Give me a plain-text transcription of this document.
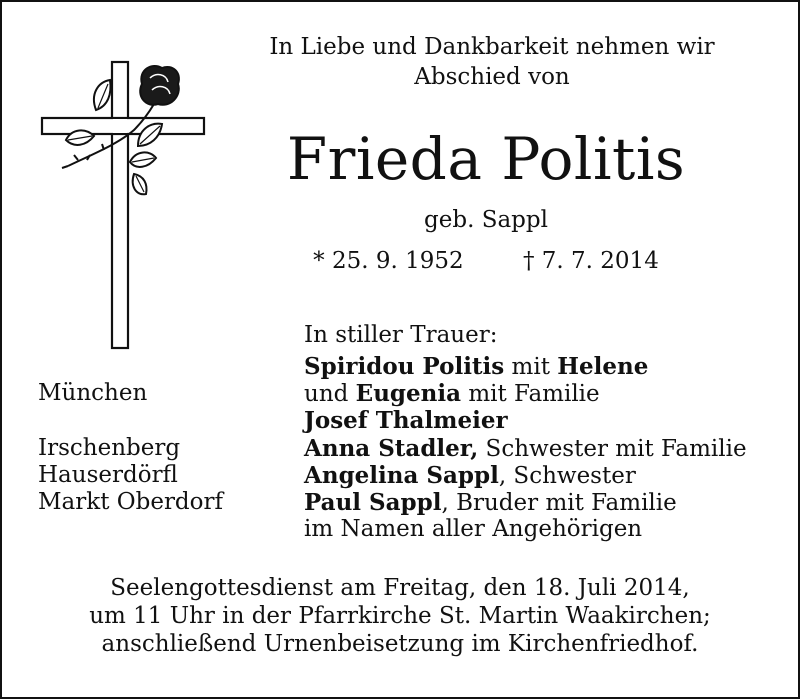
In Liebe und Dankbarkeit nehmen wir
Abschied von
Frieda Politis
geb. Sappl
* 25. 9. 1952	† 7. 7. 2014
In stiller Trauer:
Spiridou Politis mit Helene
München	und Eugenia mit Familie
Josef Thalmeier
Irschenberg	Anna Stadler, Schwester mit Familie
Hauserdörfl	Angelina Sappl, Schwester
Markt Oberdorf	Paul Sappl, Bruder mit Familie
im Namen aller Angehörigen
Seelengottesdienst am Freitag, den 18. Juli 2014,
um 11 Uhr in der Pfarrkirche St. Martin Waakirchen;
anschließend Urnenbeisetzung im Kirchenfriedhof.
